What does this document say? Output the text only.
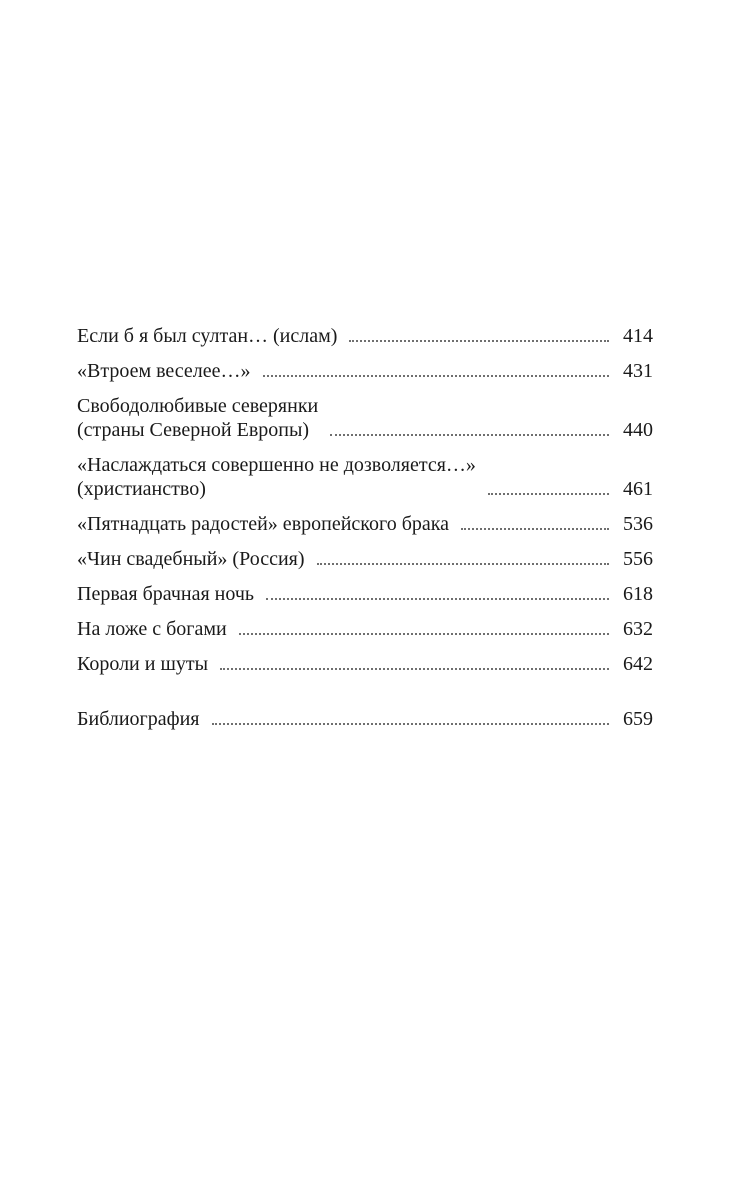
Если б я был султан… (ислам)	414
«Втроем веселее…»	431
Свободолюбивые северянки
(страны Северной Европы)	440
«Наслаждаться совершенно не дозволяется…»
(христианство)	461
«Пятнадцать радостей» европейского брака	536
«Чин свадебный» (Россия)	556
Первая брачная ночь	618
На ложе с богами	632
Короли и шуты	642
Библиография	659
